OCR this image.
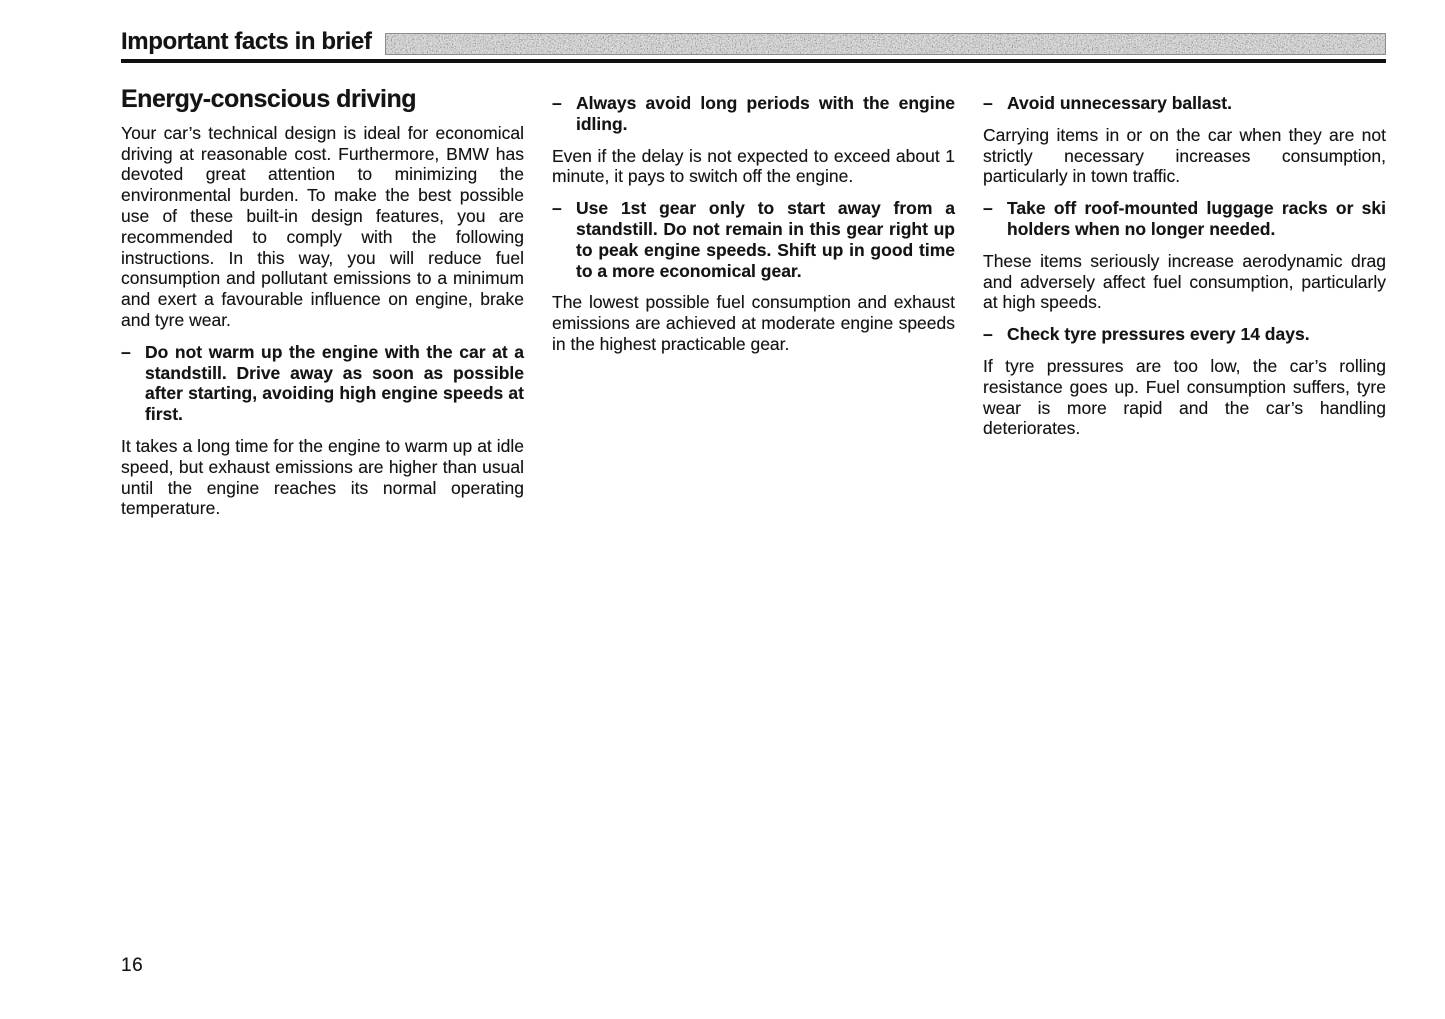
Important facts in brief
Energy-conscious driving

Your car’s technical design is ideal for economical driving at reasonable cost. Furthermore, BMW has devoted great attention to minimizing the environmental burden. To make the best possible use of these built-in design features, you are recommended to comply with the following instructions. In this way, you will reduce fuel consumption and pollutant emissions to a minimum and exert a favourable influence on engine, brake and tyre wear.

– Do not warm up the engine with the car at a standstill. Drive away as soon as possible after starting, avoiding high engine speeds at first.

It takes a long time for the engine to warm up at idle speed, but exhaust emissions are higher than usual until the engine reaches its normal operating temperature.

– Always avoid long periods with the engine idling.

Even if the delay is not expected to exceed about 1 minute, it pays to switch off the engine.

– Use 1st gear only to start away from a standstill. Do not remain in this gear right up to peak engine speeds. Shift up in good time to a more economical gear.

The lowest possible fuel consumption and exhaust emissions are achieved at moderate engine speeds in the highest practicable gear.

– Avoid unnecessary ballast.

Carrying items in or on the car when they are not strictly necessary increases consumption, particularly in town traffic.

– Take off roof-mounted luggage racks or ski holders when no longer needed.

These items seriously increase aerodynamic drag and adversely affect fuel consumption, particularly at high speeds.

– Check tyre pressures every 14 days.

If tyre pressures are too low, the car’s rolling resistance goes up. Fuel consumption suffers, tyre wear is more rapid and the car’s handling deteriorates.

16
